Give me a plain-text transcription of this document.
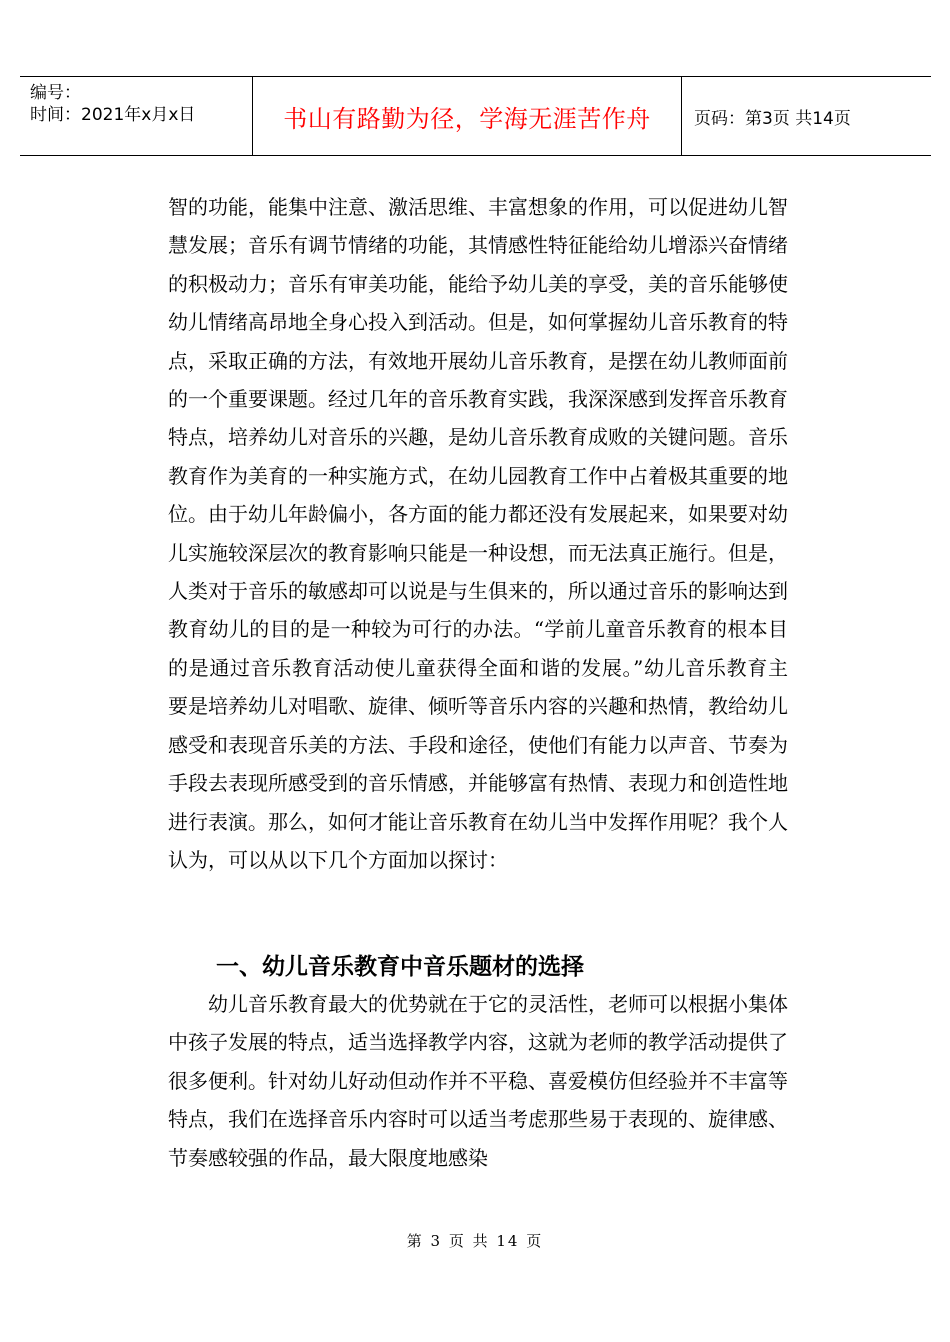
编号：
时间：2021年x月x日	书山有路勤为径，学海无涯苦作舟	页码：第3页 共14页

智的功能，能集中注意、激活思维、丰富想象的作用，可以促进幼儿智慧发展；音乐有调节情绪的功能，其情感性特征能给幼儿增添兴奋情绪的积极动力；音乐有审美功能，能给予幼儿美的享受，美的音乐能够使幼儿情绪高昂地全身心投入到活动。但是，如何掌握幼儿音乐教育的特点，采取正确的方法，有效地开展幼儿音乐教育，是摆在幼儿教师面前的一个重要课题。经过几年的音乐教育实践，我深深感到发挥音乐教育特点，培养幼儿对音乐的兴趣，是幼儿音乐教育成败的关键问题。音乐教育作为美育的一种实施方式，在幼儿园教育工作中占着极其重要的地位。由于幼儿年龄偏小，各方面的能力都还没有发展起来，如果要对幼儿实施较深层次的教育影响只能是一种设想，而无法真正施行。但是，人类对于音乐的敏感却可以说是与生俱来的，所以通过音乐的影响达到教育幼儿的目的是一种较为可行的办法。“学前儿童音乐教育的根本目的是通过音乐教育活动使儿童获得全面和谐的发展。”幼儿音乐教育主要是培养幼儿对唱歌、旋律、倾听等音乐内容的兴趣和热情，教给幼儿感受和表现音乐美的方法、手段和途径，使他们有能力以声音、节奏为手段去表现所感受到的音乐情感，并能够富有热情、表现力和创造性地进行表演。那么，如何才能让音乐教育在幼儿当中发挥作用呢？我个人认为，可以从以下几个方面加以探讨：

一、幼儿音乐教育中音乐题材的选择

幼儿音乐教育最大的优势就在于它的灵活性，老师可以根据小集体中孩子发展的特点，适当选择教学内容，这就为老师的教学活动提供了很多便利。针对幼儿好动但动作并不平稳、喜爱模仿但经验并不丰富等特点，我们在选择音乐内容时可以适当考虑那些易于表现的、旋律感、节奏感较强的作品，最大限度地感染

第 3 页 共 14 页
